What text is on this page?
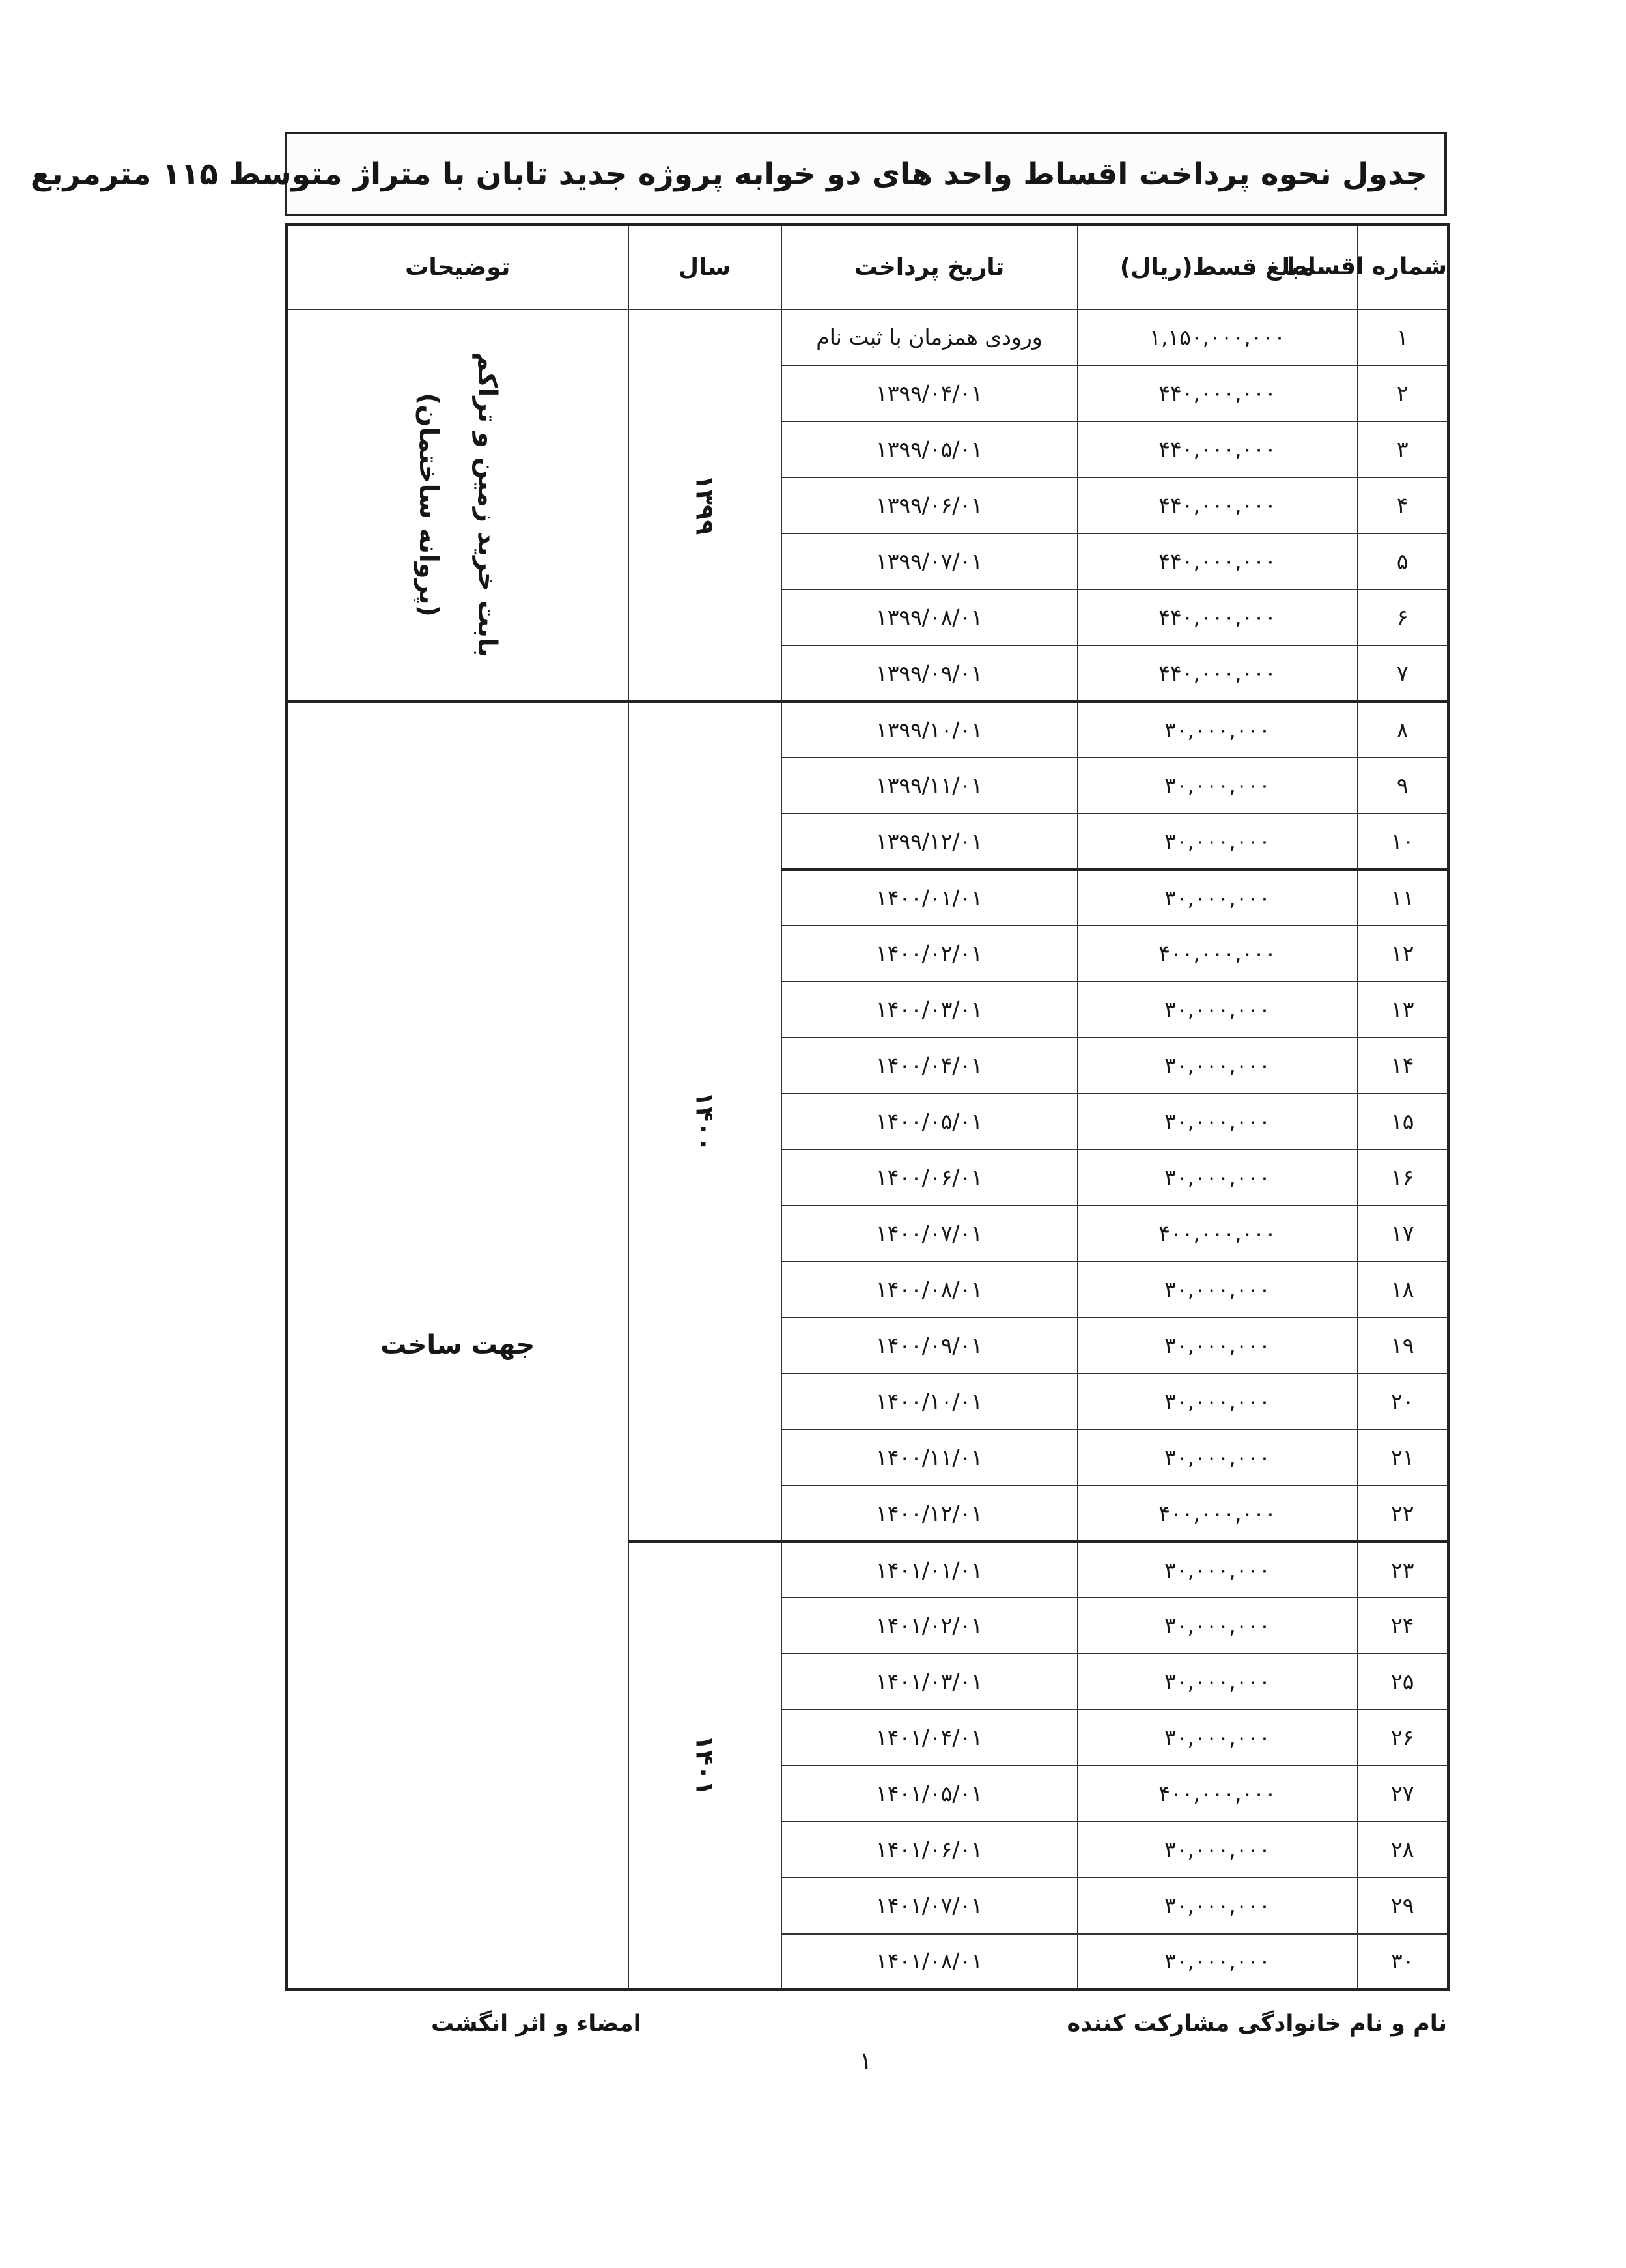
جدول نحوه پرداخت اقساط واحد های دو خوابه پروژه جدید تابان با متراژ متوسط ۱۱۵ مترمربع
شماره اقساط	مبلغ قسط(ریال)	تاریخ پرداخت	سال	توضیحات
۱	۱,۱۵۰,۰۰۰,۰۰۰	ورودی همزمان با ثبت نام	۱۳۹۹	بابت خرید زمین و تراکم (پروانه ساختمان)
۲	۴۴۰,۰۰۰,۰۰۰	۱۳۹۹/۰۴/۰۱		
۳	۴۴۰,۰۰۰,۰۰۰	۱۳۹۹/۰۵/۰۱		
۴	۴۴۰,۰۰۰,۰۰۰	۱۳۹۹/۰۶/۰۱		
۵	۴۴۰,۰۰۰,۰۰۰	۱۳۹۹/۰۷/۰۱		
۶	۴۴۰,۰۰۰,۰۰۰	۱۳۹۹/۰۸/۰۱		
۷	۴۴۰,۰۰۰,۰۰۰	۱۳۹۹/۰۹/۰۱		
۸	۳۰,۰۰۰,۰۰۰	۱۳۹۹/۱۰/۰۱	۱۴۰۰	جهت ساخت
۹	۳۰,۰۰۰,۰۰۰	۱۳۹۹/۱۱/۰۱		
۱۰	۳۰,۰۰۰,۰۰۰	۱۳۹۹/۱۲/۰۱		
۱۱	۳۰,۰۰۰,۰۰۰	۱۴۰۰/۰۱/۰۱		
۱۲	۴۰۰,۰۰۰,۰۰۰	۱۴۰۰/۰۲/۰۱		
۱۳	۳۰,۰۰۰,۰۰۰	۱۴۰۰/۰۳/۰۱		
۱۴	۳۰,۰۰۰,۰۰۰	۱۴۰۰/۰۴/۰۱		
۱۵	۳۰,۰۰۰,۰۰۰	۱۴۰۰/۰۵/۰۱		
۱۶	۳۰,۰۰۰,۰۰۰	۱۴۰۰/۰۶/۰۱		
۱۷	۴۰۰,۰۰۰,۰۰۰	۱۴۰۰/۰۷/۰۱		
۱۸	۳۰,۰۰۰,۰۰۰	۱۴۰۰/۰۸/۰۱		
۱۹	۳۰,۰۰۰,۰۰۰	۱۴۰۰/۰۹/۰۱		
۲۰	۳۰,۰۰۰,۰۰۰	۱۴۰۰/۱۰/۰۱		
۲۱	۳۰,۰۰۰,۰۰۰	۱۴۰۰/۱۱/۰۱		
۲۲	۴۰۰,۰۰۰,۰۰۰	۱۴۰۰/۱۲/۰۱		
۲۳	۳۰,۰۰۰,۰۰۰	۱۴۰۱/۰۱/۰۱	۱۴۰۱	
۲۴	۳۰,۰۰۰,۰۰۰	۱۴۰۱/۰۲/۰۱		
۲۵	۳۰,۰۰۰,۰۰۰	۱۴۰۱/۰۳/۰۱		
۲۶	۳۰,۰۰۰,۰۰۰	۱۴۰۱/۰۴/۰۱		
۲۷	۴۰۰,۰۰۰,۰۰۰	۱۴۰۱/۰۵/۰۱		
۲۸	۳۰,۰۰۰,۰۰۰	۱۴۰۱/۰۶/۰۱		
۲۹	۳۰,۰۰۰,۰۰۰	۱۴۰۱/۰۷/۰۱		
۳۰	۳۰,۰۰۰,۰۰۰	۱۴۰۱/۰۸/۰۱		
نام و نام خانوادگی مشارکت کننده
امضاء و اثر انگشت
۱
